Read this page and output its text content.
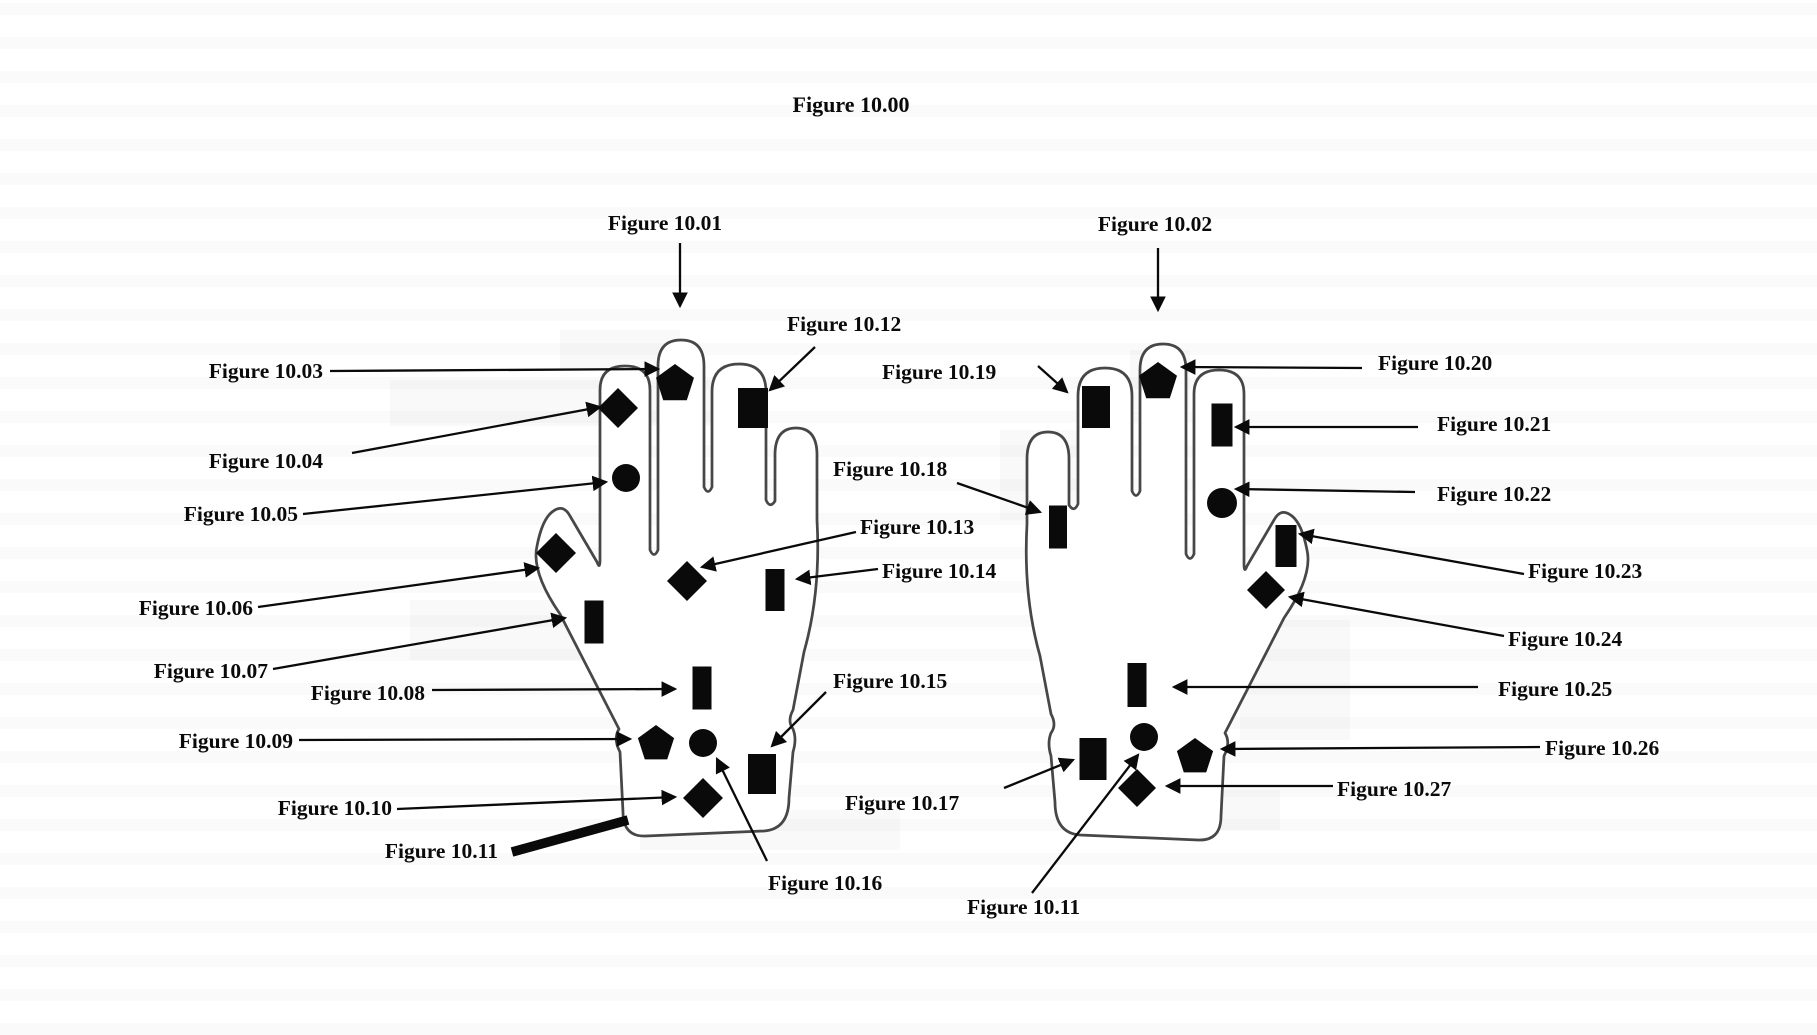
Figure 10.00
Figure 10.01	Figure 10.02
Figure 10.03
Figure 10.04
Figure 10.05
Figure 10.06
Figure 10.07
Figure 10.08
Figure 10.09
Figure 10.10
Figure 10.11
Figure 10.12
Figure 10.13
Figure 10.14
Figure 10.15
Figure 10.16
Figure 10.17
Figure 10.18
Figure 10.19	Figure 10.20
Figure 10.21
Figure 10.22
Figure 10.23
Figure 10.24
Figure 10.25
Figure 10.26
Figure 10.27
Figure 10.11
